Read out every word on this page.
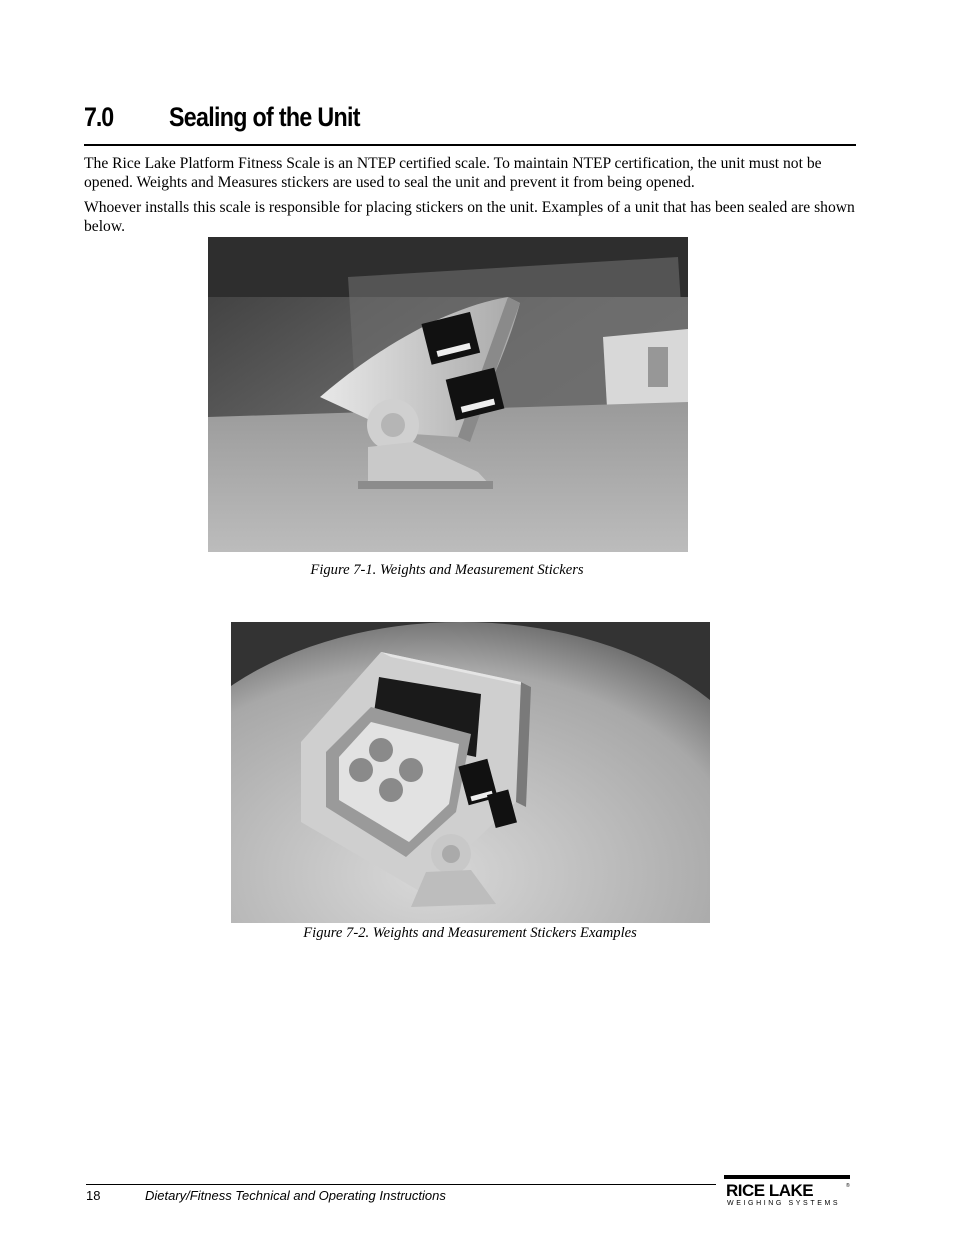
7.0 Sealing of the Unit

The Rice Lake Platform Fitness Scale is an NTEP certified scale. To maintain NTEP certification, the unit must not be opened. Weights and Measures stickers are used to seal the unit and prevent it from being opened.

Whoever installs this scale is responsible for placing stickers on the unit. Examples of a unit that has been sealed are shown below.

Figure 7-1. Weights and Measurement Stickers
Figure 7-2. Weights and Measurement Stickers Examples
18	Dietary/Fitness Technical and Operating Instructions	RICE LAKE	®
WEIGHING SYSTEMS
